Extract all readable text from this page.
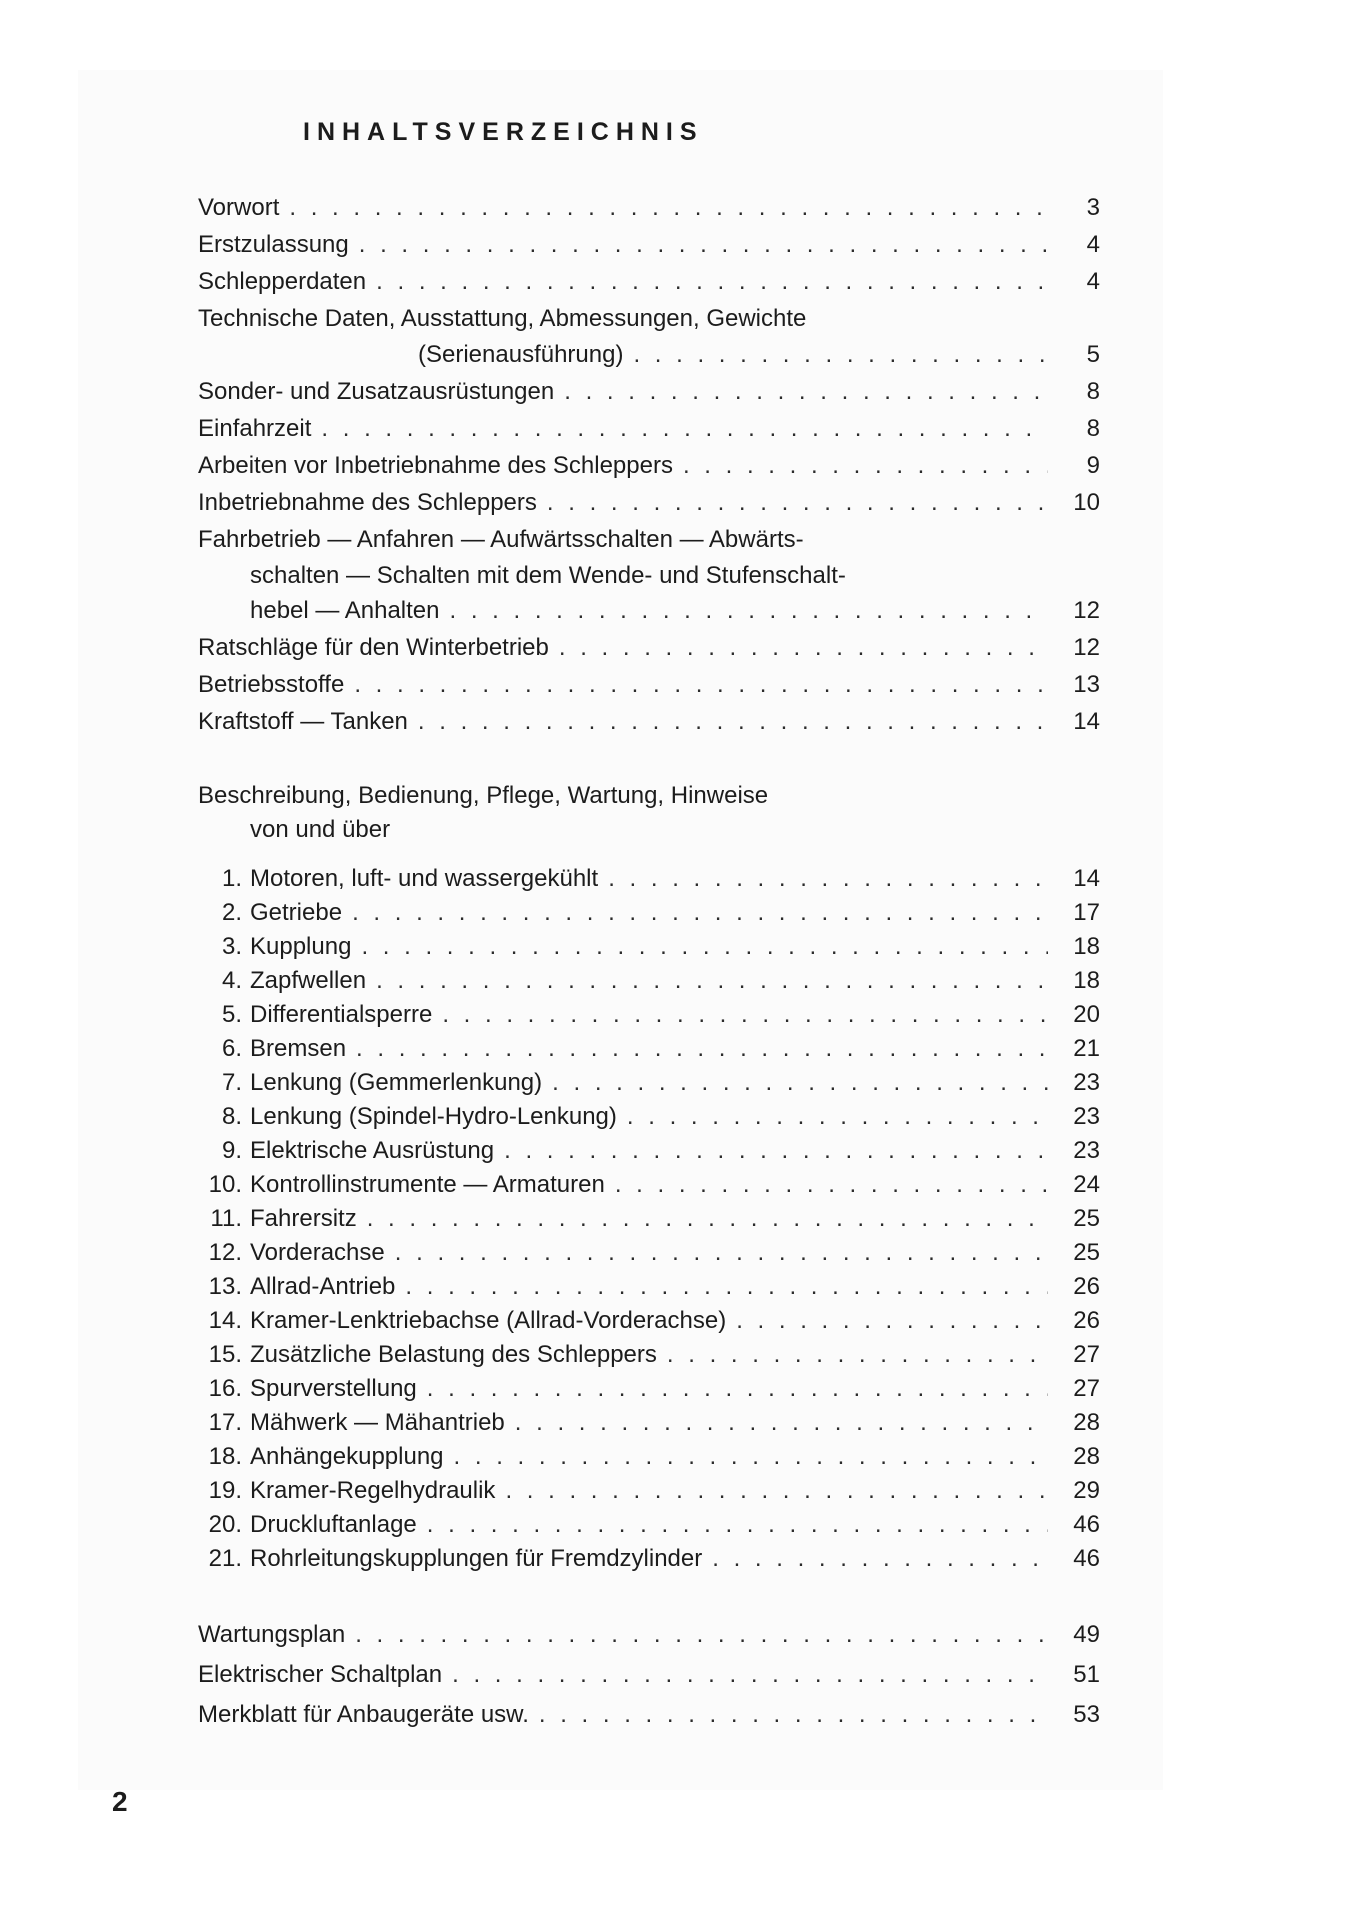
INHALTSVERZEICHNIS
Vorwort . . .	3
Erstzulassung . . .	4
Schlepperdaten . . .	4
Technische Daten, Ausstattung, Abmessungen, Gewichte
(Serienausführung) . . .	5
Sonder- und Zusatzausrüstungen . . .	8
Einfahrzeit . . .	8
Arbeiten vor Inbetriebnahme des Schleppers . . .	9
Inbetriebnahme des Schleppers . . .	10
Fahrbetrieb — Anfahren — Aufwärtsschalten — Abwärts-
schalten — Schalten mit dem Wende- und Stufenschalt-
hebel — Anhalten . . .	12
Ratschläge für den Winterbetrieb . . .	12
Betriebsstoffe . . .	13
Kraftstoff — Tanken . . .	14
Beschreibung, Bedienung, Pflege, Wartung, Hinweise
von und über
1. Motoren, luft- und wassergekühlt . . .	14
2. Getriebe . . .	17
3. Kupplung . . .	18
4. Zapfwellen . . .	18
5. Differentialsperre . . .	20
6. Bremsen . . .	21
7. Lenkung (Gemmerlenkung) . . .	23
8. Lenkung (Spindel-Hydro-Lenkung) . . .	23
9. Elektrische Ausrüstung . . .	23
10. Kontrollinstrumente — Armaturen . . .	24
11. Fahrersitz . . .	25
12. Vorderachse . . .	25
13. Allrad-Antrieb . . .	26
14. Kramer-Lenktriebachse (Allrad-Vorderachse) . . .	26
15. Zusätzliche Belastung des Schleppers . . .	27
16. Spurverstellung . . .	27
17. Mähwerk — Mähantrieb . . .	28
18. Anhängekupplung . . .	28
19. Kramer-Regelhydraulik . . .	29
20. Druckluftanlage . . .	46
21. Rohrleitungskupplungen für Fremdzylinder . . .	46
Wartungsplan . . .	49
Elektrischer Schaltplan . . .	51
Merkblatt für Anbaugeräte usw. . . .	53
2
